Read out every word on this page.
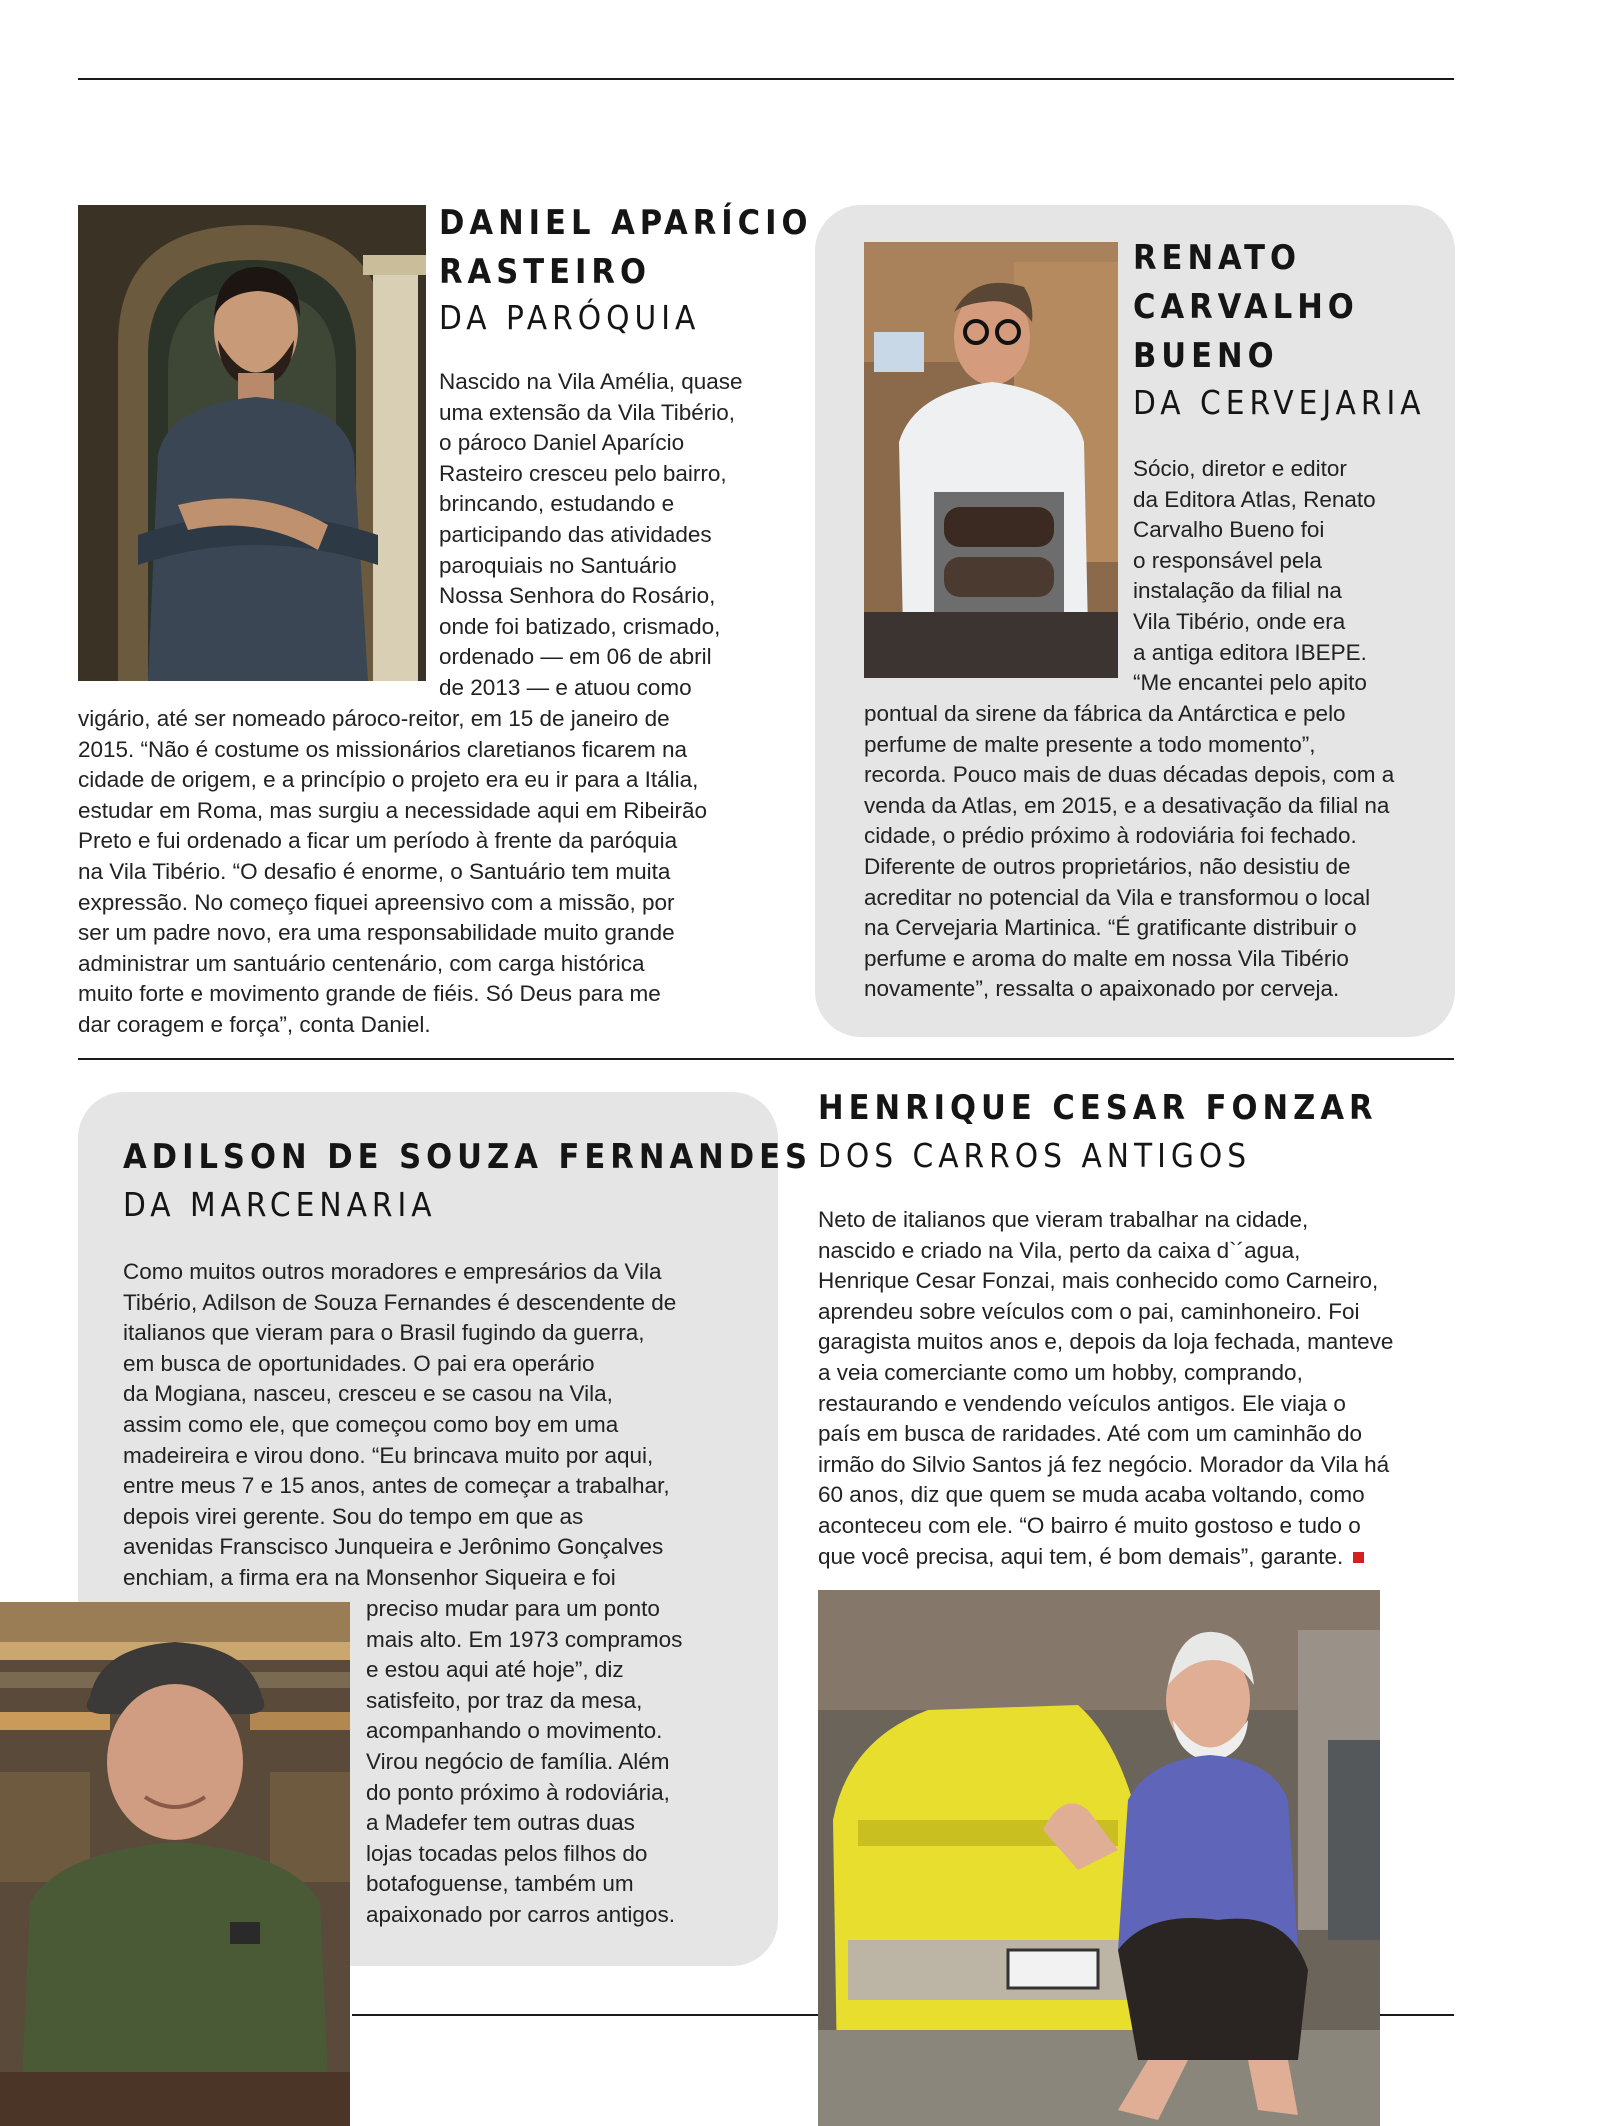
DANIEL APARÍCIO
RASTEIRO

DA PARÓQUIA

Nascido na Vila Amélia, quase
uma extensão da Vila Tibério,
o pároco Daniel Aparício
Rasteiro cresceu pelo bairro,
brincando, estudando e
participando das atividades
paroquiais no Santuário
Nossa Senhora do Rosário,
onde foi batizado, crismado,
ordenado — em 06 de abril
de 2013 — e atuou como
vigário, até ser nomeado pároco-reitor, em 15 de janeiro de
2015. “Não é costume os missionários claretianos ficarem na
cidade de origem, e a princípio o projeto era eu ir para a Itália,
estudar em Roma, mas surgiu a necessidade aqui em Ribeirão
Preto e fui ordenado a ficar um período à frente da paróquia
na Vila Tibério. “O desafio é enorme, o Santuário tem muita
expressão. No começo fiquei apreensivo com a missão, por
ser um padre novo, era uma responsabilidade muito grande
administrar um santuário centenário, com carga histórica
muito forte e movimento grande de fiéis. Só Deus para me
dar coragem e força”, conta Daniel.
RENATO
CARVALHO
BUENO

DA CERVEJARIA

Sócio, diretor e editor
da Editora Atlas, Renato
Carvalho Bueno foi
o responsável pela
instalação da filial na
Vila Tibério, onde era
a antiga editora IBEPE.
“Me encantei pelo apito
pontual da sirene da fábrica da Antárctica e pelo
perfume de malte presente a todo momento”,
recorda. Pouco mais de duas décadas depois, com a
venda da Atlas, em 2015, e a desativação da filial na
cidade, o prédio próximo à rodoviária foi fechado.
Diferente de outros proprietários, não desistiu de
acreditar no potencial da Vila e transformou o local
na Cervejaria Martinica. “É gratificante distribuir o
perfume e aroma do malte em nossa Vila Tibério
novamente”, ressalta o apaixonado por cerveja.
ADILSON DE SOUZA FERNANDES

DA MARCENARIA

Como muitos outros moradores e empresários da Vila
Tibério, Adilson de Souza Fernandes é descendente de
italianos que vieram para o Brasil fugindo da guerra,
em busca de oportunidades. O pai era operário
da Mogiana, nasceu, cresceu e se casou na Vila,
assim como ele, que começou como boy em uma
madeireira e virou dono. “Eu brincava muito por aqui,
entre meus 7 e 15 anos, antes de começar a trabalhar,
depois virei gerente. Sou do tempo em que as
avenidas Franscisco Junqueira e Jerônimo Gonçalves
enchiam, a firma era na Monsenhor Siqueira e foi
preciso mudar para um ponto
mais alto. Em 1973 compramos
e estou aqui até hoje”, diz
satisfeito, por traz da mesa,
acompanhando o movimento.
Virou negócio de família. Além
do ponto próximo à rodoviária,
a Madefer tem outras duas
lojas tocadas pelos filhos do
botafoguense, também um
apaixonado por carros antigos.
HENRIQUE CESAR FONZAR

DOS CARROS ANTIGOS

Neto de italianos que vieram trabalhar na cidade,
nascido e criado na Vila, perto da caixa d`´agua,
Henrique Cesar Fonzai, mais conhecido como Carneiro,
aprendeu sobre veículos com o pai, caminhoneiro. Foi
garagista muitos anos e, depois da loja fechada, manteve
a veia comerciante como um hobby, comprando,
restaurando e vendendo veículos antigos. Ele viaja o
país em busca de raridades. Até com um caminhão do
irmão do Silvio Santos já fez negócio. Morador da Vila há
60 anos, diz que quem se muda acaba voltando, como
aconteceu com ele. “O bairro é muito gostoso e tudo o
que você precisa, aqui tem, é bom demais”, garante.
